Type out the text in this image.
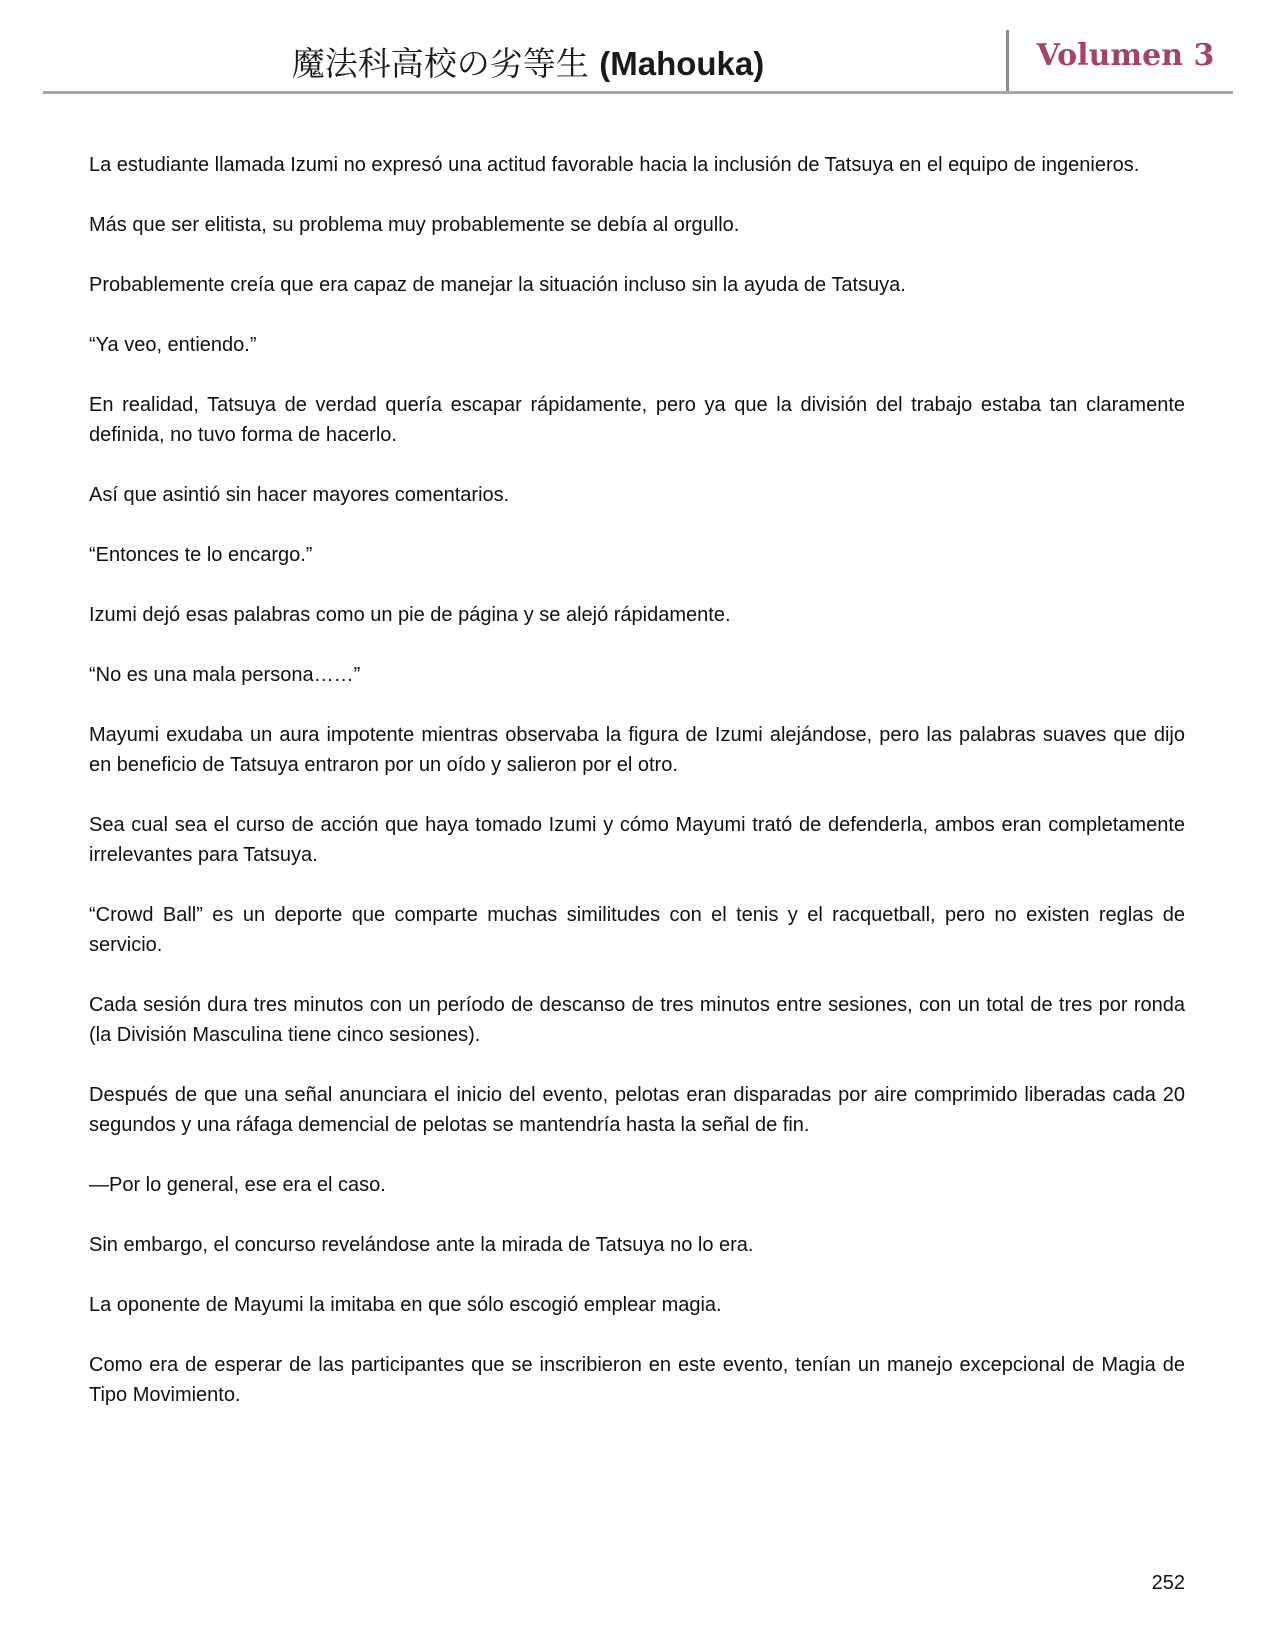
魔法科高校の劣等生 (Mahouka)	Volumen 3

La estudiante llamada Izumi no expresó una actitud favorable hacia la inclusión de Tatsuya en el equipo de ingenieros.

Más que ser elitista, su problema muy probablemente se debía al orgullo.

Probablemente creía que era capaz de manejar la situación incluso sin la ayuda de Tatsuya.

“Ya veo, entiendo.”

En realidad, Tatsuya de verdad quería escapar rápidamente, pero ya que la división del trabajo estaba tan claramente definida, no tuvo forma de hacerlo.

Así que asintió sin hacer mayores comentarios.

“Entonces te lo encargo.”

Izumi dejó esas palabras como un pie de página y se alejó rápidamente.

“No es una mala persona……”

Mayumi exudaba un aura impotente mientras observaba la figura de Izumi alejándose, pero las palabras suaves que dijo en beneficio de Tatsuya entraron por un oído y salieron por el otro.

Sea cual sea el curso de acción que haya tomado Izumi y cómo Mayumi trató de defenderla, ambos eran completamente irrelevantes para Tatsuya.

“Crowd Ball” es un deporte que comparte muchas similitudes con el tenis y el racquetball, pero no existen reglas de servicio.

Cada sesión dura tres minutos con un período de descanso de tres minutos entre sesiones, con un total de tres por ronda (la División Masculina tiene cinco sesiones).

Después de que una señal anunciara el inicio del evento, pelotas eran disparadas por aire comprimido liberadas cada 20 segundos y una ráfaga demencial de pelotas se mantendría hasta la señal de fin.

—Por lo general, ese era el caso.

Sin embargo, el concurso revelándose ante la mirada de Tatsuya no lo era.

La oponente de Mayumi la imitaba en que sólo escogió emplear magia.

Como era de esperar de las participantes que se inscribieron en este evento, tenían un manejo excepcional de Magia de Tipo Movimiento.

252
